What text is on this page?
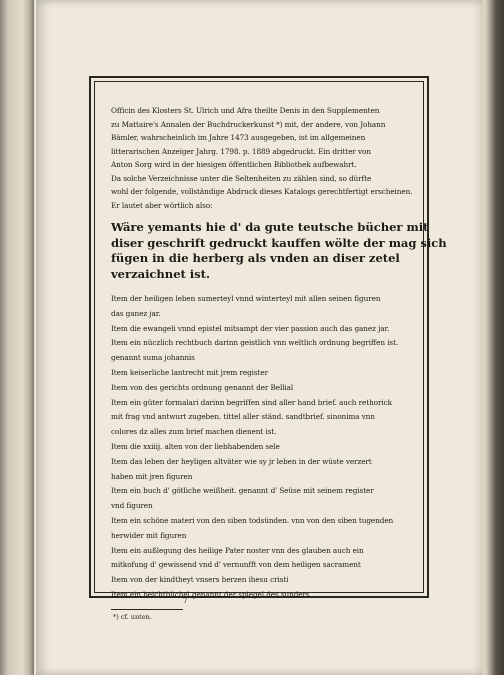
Officin des Klosters St. Ulrich und Afra theilte Denis in den Supplementen

zu Mattaire's Annalen der Buchdruckerkunst *) mit, der andere, von Johann

Bämler, wahrscheinlich im Jahre 1473 ausgegeben, ist im allgemeinen

litterarischen Anzeiger Jahrg. 1798. p. 1889 abgedruckt. Ein dritter von

Anton Sorg wird in der hiesigen öffentlichen Bibliothek aufbewahrt.

Da solche Verzeichnisse unter die Seltenheiten zu zählen sind, so dürfte

wohl der folgende, vollständige Abdruck dieses Katalogs gerechtfertigt erscheinen.

Er lautet aber wörtlich also:

Wäre yemants hie d' da gute teutsche bücher mit
diser geschrift gedruckt kauffen wölte der mag sich
fügen in die herberg als vnden an diser zetel
verzaichnet ist.
Item der heiligen leben sumerteyl vnnd winterteyl mit allen seinen figuren
das ganez jar.
Item die ewangeli vnnd epistel mitsampt der vier passion auch das ganez jar.
Item ein nüczlich rechtbuch darinn geistlich vnn weltlich ordnung begriffen ist.
genannt suma johannis
Item keiserliche lantrecht mit jrem register
Item von des gerichts ordnung genannt der Bellial
Item ein güter formalari darinn begriffen sind aller hand brief. auch rethorick
mit frag vnd antwurt zugeben. tittel aller ständ. sandtbrief. sinonima vnn
colores dz alles zum brief machen dienent ist.
Item die xxiiij. alten von der liebhabenden sele
Item das leben der heyligen altväter wie sy jr leben in der wüste verzert
haben mit jren figuren
Item ein buch d' götliche weißheit. genannt d' Seüse mit seinem register
vnd figuren
Item ein schöne materi von den siben todsünden. vnn von den siben tugenden
herwider mit figuren
Item ein außlegung des heilige Pater noster vnn des glauben auch ein
mitkofung d' gewissend vnd d' vernunfft von dem heiligen sacrament
Item von der kindtheyt vnsers herzen ihesu cristi
Item ein beichtbüchel genannt der spiegel des sunders
*) cf. unten.
7
